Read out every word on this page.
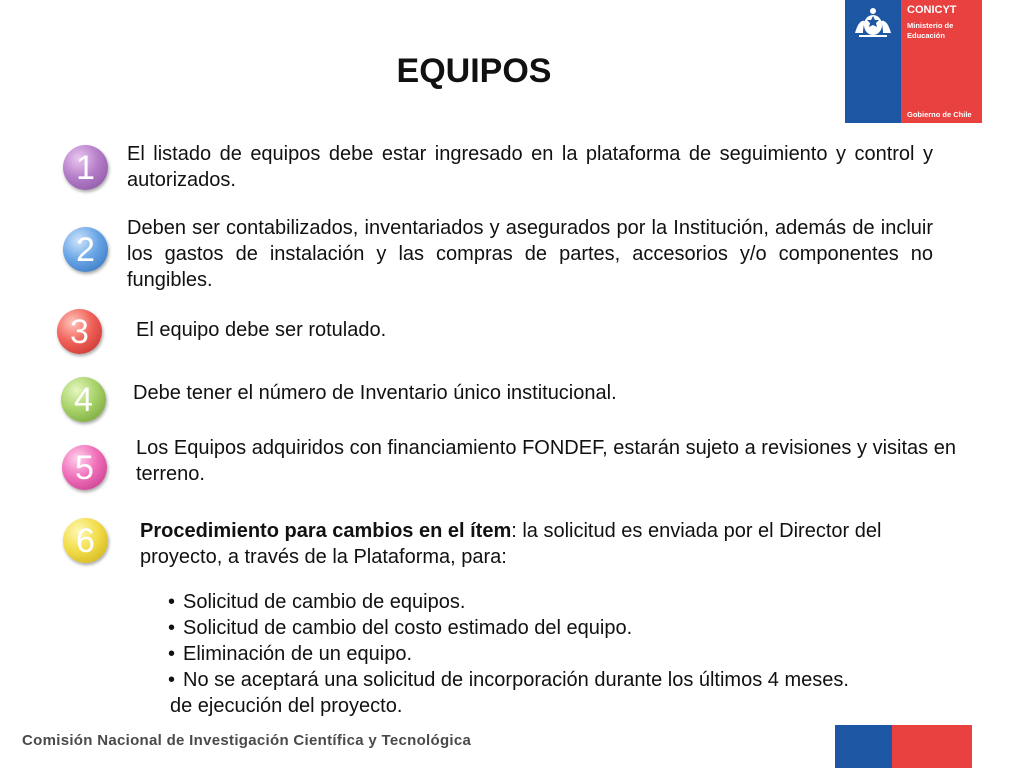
CONICYT
Ministerio de
Educación
Gobierno de Chile
EQUIPOS
1	El listado de equipos debe estar ingresado en la plataforma de seguimiento y control y autorizados.
2
Deben ser contabilizados, inventariados y asegurados por la Institución, además de incluir los gastos de instalación y las compras de partes, accesorios y/o componentes no fungibles.
3	El equipo debe ser rotulado.
4	Debe tener el número de Inventario único institucional.
5
Los Equipos adquiridos con financiamiento FONDEF, estarán sujeto a revisiones y visitas en terreno.
6	Procedimiento para cambios en el ítem: la solicitud es enviada por el Director del proyecto, a través de la Plataforma, para:
• Solicitud de cambio de equipos.
• Solicitud de cambio del costo estimado del equipo.
• Eliminación de un equipo.
• No se aceptará una solicitud de incorporación durante los últimos 4 meses.
de ejecución del proyecto.
Comisión Nacional de Investigación Científica y Tecnológica
